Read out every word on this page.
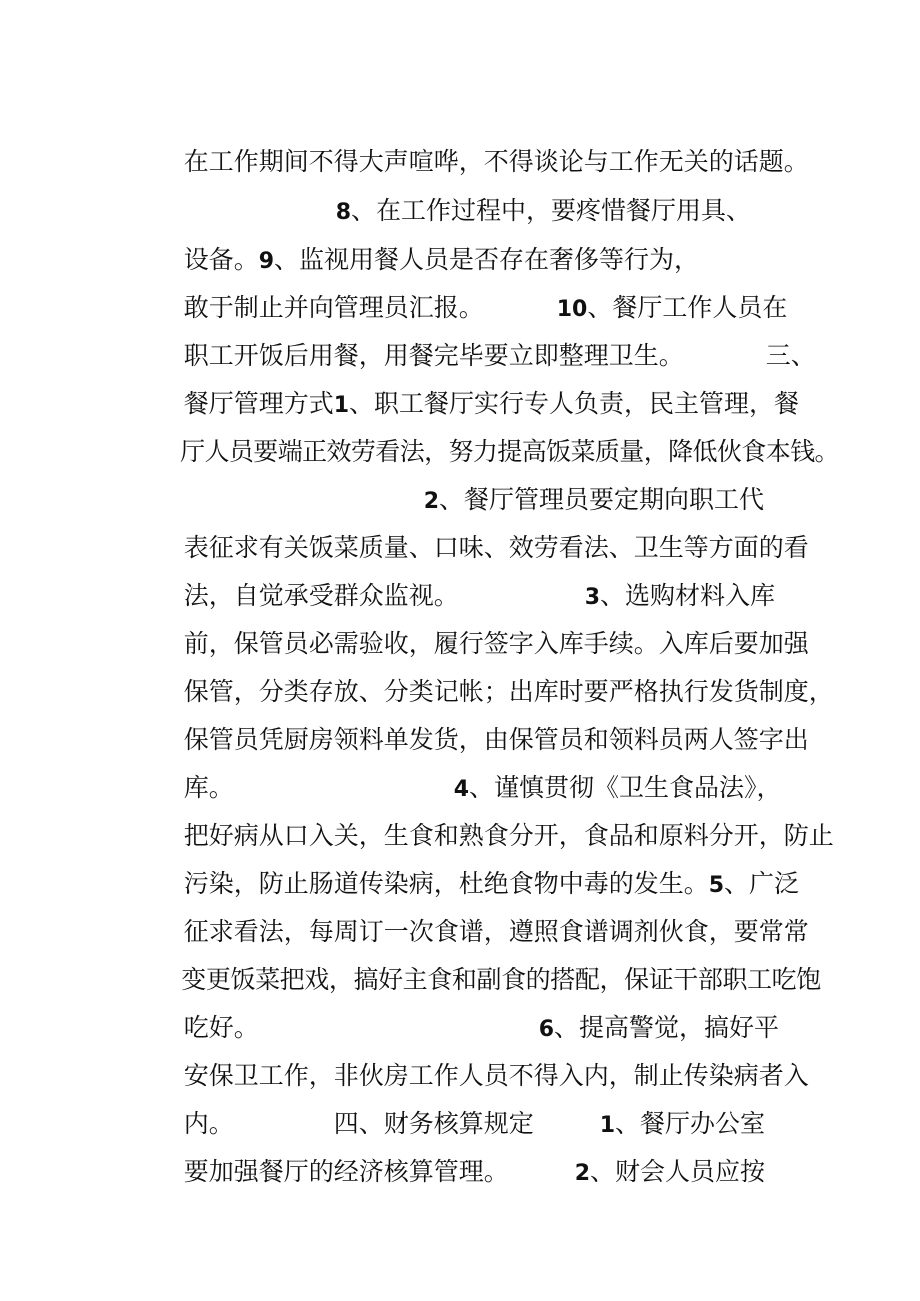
在工作期间不得大声喧哗，不得谈论与工作无关的话题。

8、在工作过程中，要疼惜餐厅用具、

设备。9、监视用餐人员是否存在奢侈等行为，

敢于制止并向管理员汇报。	10、餐厅工作人员在

职工开饭后用餐，用餐完毕要立即整理卫生。	三、

餐厅管理方式1、职工餐厅实行专人负责，民主管理，餐

厅人员要端正效劳看法，努力提高饭菜质量，降低伙食本钱。

2、餐厅管理员要定期向职工代

表征求有关饭菜质量、口味、效劳看法、卫生等方面的看

法，自觉承受群众监视。	3、选购材料入库

前，保管员必需验收，履行签字入库手续。入库后要加强

保管，分类存放、分类记帐；出库时要严格执行发货制度，

保管员凭厨房领料单发货，由保管员和领料员两人签字出

库。	4、谨慎贯彻《卫生食品法》，

把好病从口入关，生食和熟食分开，食品和原料分开，防止

污染，防止肠道传染病，杜绝食物中毒的发生。5、广泛

征求看法，每周订一次食谱，遵照食谱调剂伙食，要常常

变更饭菜把戏，搞好主食和副食的搭配，保证干部职工吃饱

吃好。	6、提高警觉，搞好平

安保卫工作，非伙房工作人员不得入内，制止传染病者入

内。	四、财务核算规定	1、餐厅办公室

要加强餐厅的经济核算管理。	2、财会人员应按
